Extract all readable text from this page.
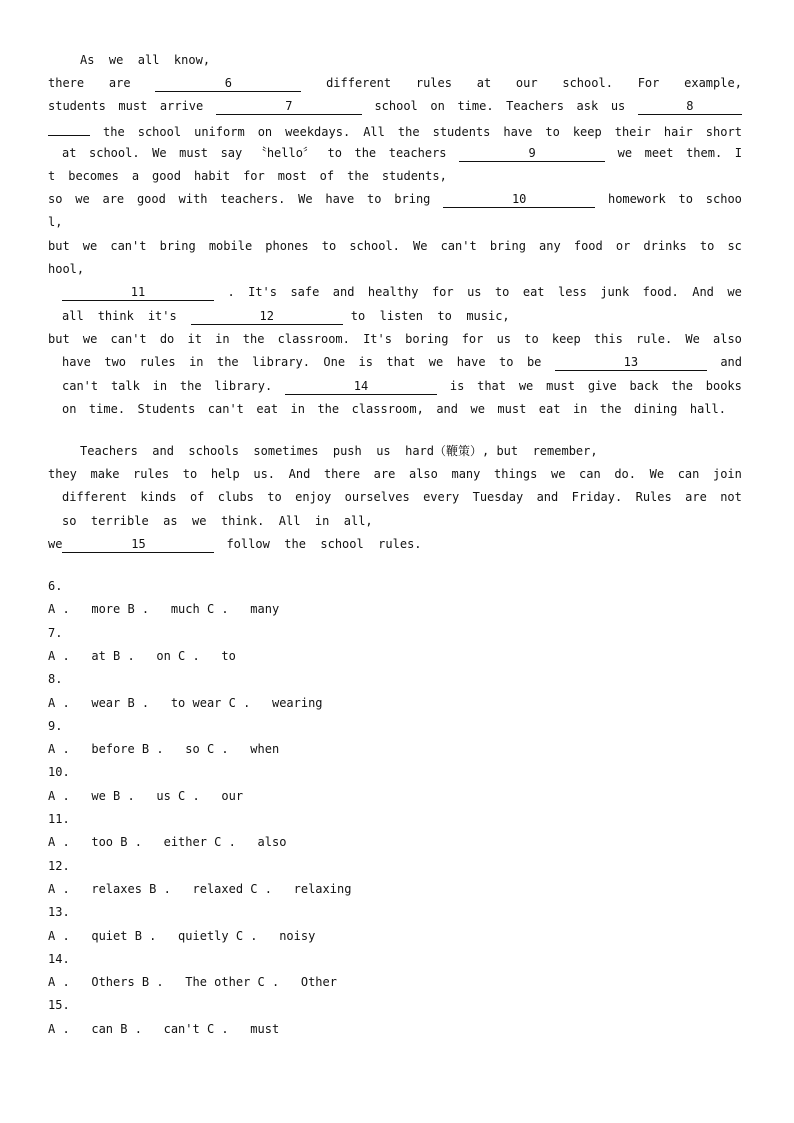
As  we  all  know,
there are	6	different rules at our school. For example,
students must arrive	7	school on time. Teachers ask us	8
the school uniform on weekdays. All the students have to keep their hair short
at school. We must say 〝hello〞 to the teachers	9	we meet them. I
t becomes a good habit for most of the students,
so we are good with teachers. We have to bring	10	homework to schoo
l,
but we can't bring mobile phones to school. We can't bring any food or drinks to sc
hool,
11	. It's safe and healthy for us to eat less junk food. And we
all think it's	12	to  listen  to  music,
but we can't do it in the classroom. It's boring for us to keep this rule. We also
have two rules in the library. One is that we have to be	13	and
can't talk in the library.	14	is that we must give back the books
on time. Students can't eat in the classroom, and we must eat in the dining hall.
Teachers  and  schools  sometimes  push  us  hard（鞭策）, but  remember,
they make rules to help us. And there are also many things we can do. We can join
different kinds of clubs to enjoy ourselves every Tuesday and Friday. Rules are not
so  terrible  as  we  think.  All  in  all,
we	15	follow  the  school  rules.
6.
A .   more B .   much C .   many
7.
A .   at B .   on C .   to
8.
A .   wear B .   to wear C .   wearing
9.
A .   before B .   so C .   when
10.
A .   we B .   us C .   our
11.
A .   too B .   either C .   also
12.
A .   relaxes B .   relaxed C .   relaxing
13.
A .   quiet B .   quietly C .   noisy
14.
A .   Others B .   The other C .   Other
15.
A .   can B .   can't C .   must
